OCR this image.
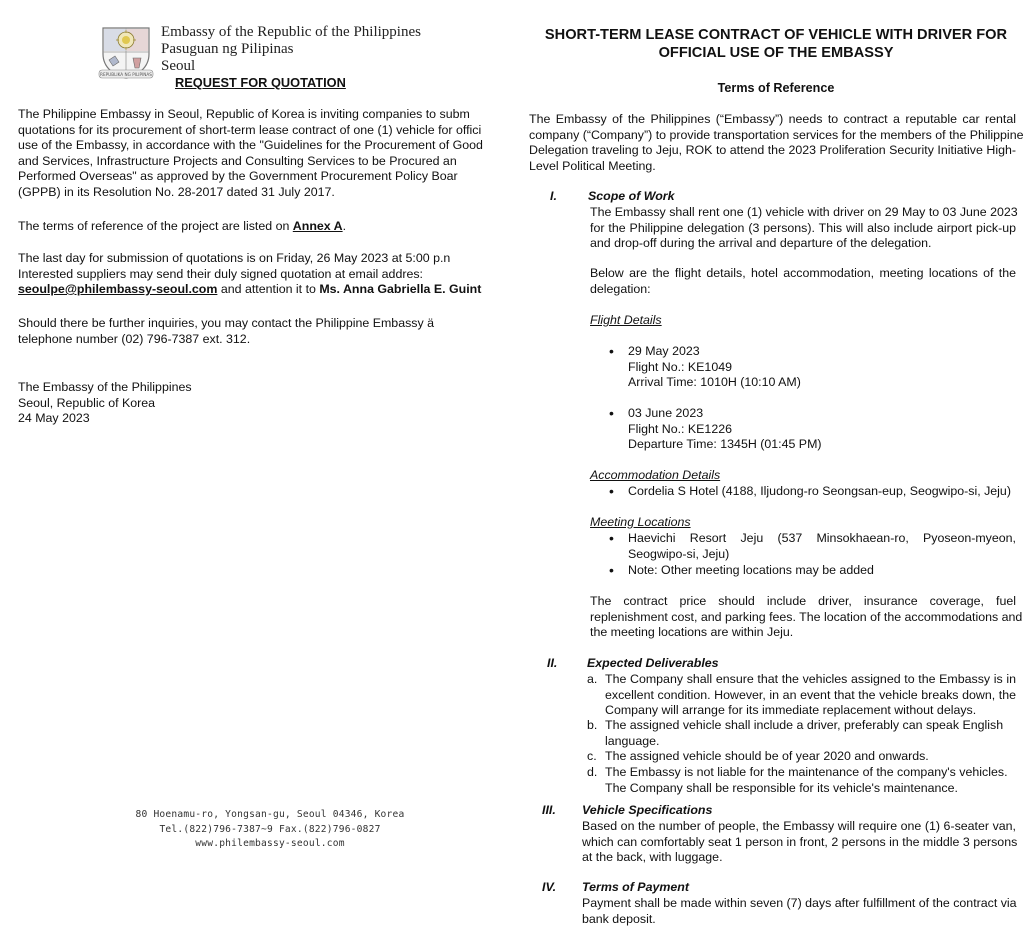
REPUBLIKA NG PILIPINAS
Embassy of the Republic of the Philippines
Pasuguan ng Pilipinas
Seoul
REQUEST FOR QUOTATION
The Philippine Embassy in Seoul, Republic of Korea is inviting companies to subm
quotations for its procurement of short-term lease contract of one (1) vehicle for offici
use of the Embassy, in accordance with the "Guidelines for the Procurement of Good
and Services, Infrastructure Projects and Consulting Services to be Procured an
Performed Overseas" as approved by the Government Procurement Policy Boar
(GPPB) in its Resolution No. 28-2017 dated 31 July 2017.
The terms of reference of the project are listed on Annex A.
The last day for submission of quotations is on Friday, 26 May 2023 at 5:00 p.n
Interested suppliers may send their duly signed quotation at email addres:
seoulpe@philembassy-seoul.com and attention it to Ms. Anna Gabriella E. Guint
Should there be further inquiries, you may contact the Philippine Embassy ä
telephone number (02) 796-7387 ext. 312.
The Embassy of the Philippines
Seoul, Republic of Korea
24 May 2023
80 Hoenamu-ro, Yongsan-gu, Seoul 04346, Korea
Tel.(822)796-7387~9 Fax.(822)796-0827
www.philembassy-seoul.com
SHORT-TERM LEASE CONTRACT OF VEHICLE WITH DRIVER FOR
OFFICIAL USE OF THE EMBASSY
Terms of Reference
The Embassy of the Philippines (“Embassy”) needs to contract a reputable car rental
company (“Company”) to provide transportation services for the members of the Philippine
Delegation traveling to Jeju, ROK to attend the 2023 Proliferation Security Initiative High-
Level Political Meeting.
I.	Scope of Work
The Embassy shall rent one (1) vehicle with driver on 29 May to 03 June 2023
for the Philippine delegation (3 persons). This will also include airport pick-up
and drop-off during the arrival and departure of the delegation.
Below are the flight details, hotel accommodation, meeting locations of the
delegation:
Flight Details
• 29 May 2023
Flight No.: KE1049
Arrival Time: 1010H (10:10 AM)
• 03 June 2023
Flight No.: KE1226
Departure Time: 1345H (01:45 PM)
Accommodation Details
• Cordelia S Hotel (4188, Iljudong-ro Seongsan-eup, Seogwipo-si, Jeju)
Meeting Locations
• Haevichi Resort Jeju (537 Minsokhaean-ro, Pyoseon-myeon,
Seogwipo-si, Jeju)
• Note: Other meeting locations may be added
The contract price should include driver, insurance coverage, fuel
replenishment cost, and parking fees. The location of the accommodations and
the meeting locations are within Jeju.
II. Expected Deliverables
a. The Company shall ensure that the vehicles assigned to the Embassy is in
excellent condition. However, in an event that the vehicle breaks down, the
Company will arrange for its immediate replacement without delays.
b. The assigned vehicle shall include a driver, preferably can speak English
language.
c. The assigned vehicle should be of year 2020 and onwards.
d. The Embassy is not liable for the maintenance of the company's vehicles.
The Company shall be responsible for its vehicle's maintenance.
III. Vehicle Specifications
Based on the number of people, the Embassy will require one (1) 6-seater van,
which can comfortably seat 1 person in front, 2 persons in the middle 3 persons
at the back, with luggage.
IV. Terms of Payment
Payment shall be made within seven (7) days after fulfillment of the contract via
bank deposit.
